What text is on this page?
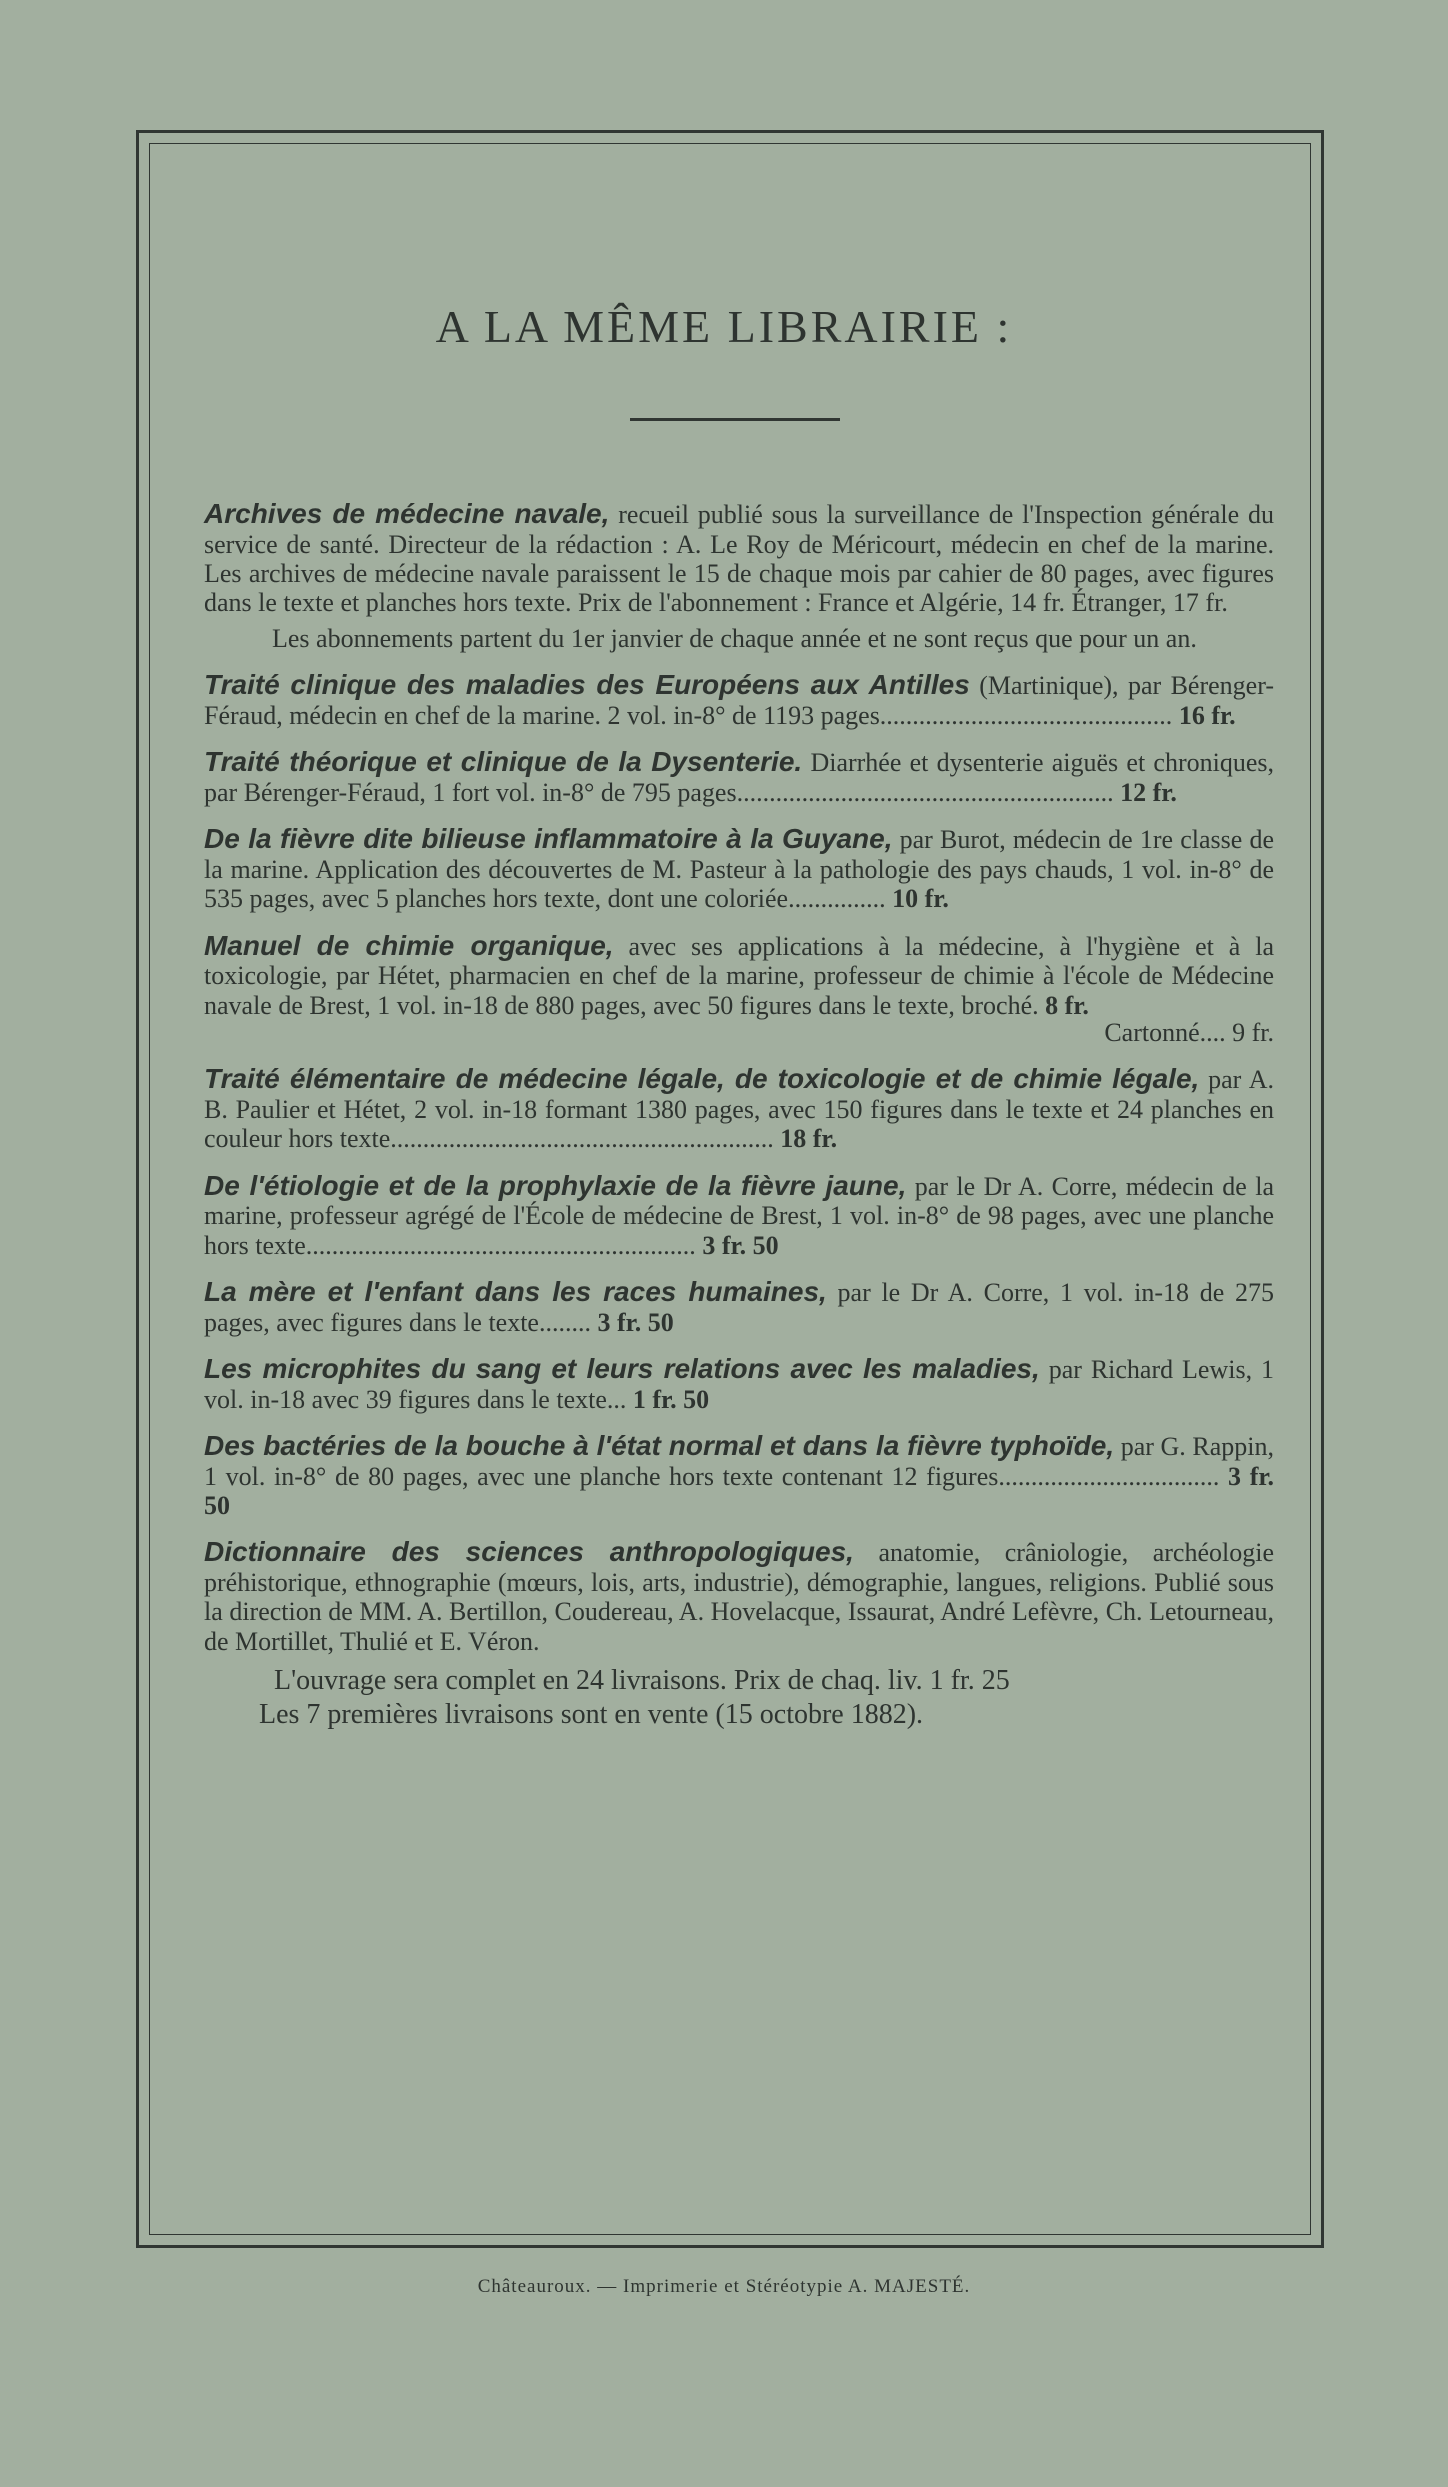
A LA MÊME LIBRAIRIE :

Archives de médecine navale, recueil publié sous la surveillance de l'Inspection générale du service de santé. Directeur de la rédaction : A. Le Roy de Méricourt, médecin en chef de la marine. Les archives de médecine navale paraissent le 15 de chaque mois par cahier de 80 pages, avec figures dans le texte et planches hors texte. Prix de l'abonnement : France et Algérie, 14 fr. Étranger, 17 fr.

Les abonnements partent du 1er janvier de chaque année et ne sont reçus que pour un an.

Traité clinique des maladies des Européens aux Antilles (Martinique), par Bérenger-Féraud, médecin en chef de la marine. 2 vol. in-8° de 1193 pages............................................. 16 fr.

Traité théorique et clinique de la Dysenterie. Diarrhée et dysenterie aiguës et chroniques, par Bérenger-Féraud, 1 fort vol. in-8° de 795 pages.......................................................... 12 fr.

De la fièvre dite bilieuse inflammatoire à la Guyane, par Burot, médecin de 1re classe de la marine. Application des découvertes de M. Pasteur à la pathologie des pays chauds, 1 vol. in-8° de 535 pages, avec 5 planches hors texte, dont une coloriée............... 10 fr.

Manuel de chimie organique, avec ses applications à la médecine, à l'hygiène et à la toxicologie, par Hétet, pharmacien en chef de la marine, professeur de chimie à l'école de Médecine navale de Brest, 1 vol. in-18 de 880 pages, avec 50 figures dans le texte, broché. 8 fr.
Cartonné.... 9 fr.

Traité élémentaire de médecine légale, de toxicologie et de chimie légale, par A. B. Paulier et Hétet, 2 vol. in-18 formant 1380 pages, avec 150 figures dans le texte et 24 planches en couleur hors texte........................................................... 18 fr.

De l'étiologie et de la prophylaxie de la fièvre jaune, par le Dr A. Corre, médecin de la marine, professeur agrégé de l'École de médecine de Brest, 1 vol. in-8° de 98 pages, avec une planche hors texte............................................................ 3 fr. 50

La mère et l'enfant dans les races humaines, par le Dr A. Corre, 1 vol. in-18 de 275 pages, avec figures dans le texte........ 3 fr. 50

Les microphites du sang et leurs relations avec les maladies, par Richard Lewis, 1 vol. in-18 avec 39 figures dans le texte... 1 fr. 50

Des bactéries de la bouche à l'état normal et dans la fièvre typhoïde, par G. Rappin, 1 vol. in-8° de 80 pages, avec une planche hors texte contenant 12 figures.................................. 3 fr. 50

Dictionnaire des sciences anthropologiques, anatomie, crâniologie, archéologie préhistorique, ethnographie (mœurs, lois, arts, industrie), démographie, langues, religions. Publié sous la direction de MM. A. Bertillon, Coudereau, A. Hovelacque, Issaurat, André Lefèvre, Ch. Letourneau, de Mortillet, Thulié et E. Véron.

L'ouvrage sera complet en 24 livraisons. Prix de chaq. liv. 1 fr. 25

Les 7 premières livraisons sont en vente (15 octobre 1882).

Châteauroux. — Imprimerie et Stéréotypie A. MAJESTÉ.
